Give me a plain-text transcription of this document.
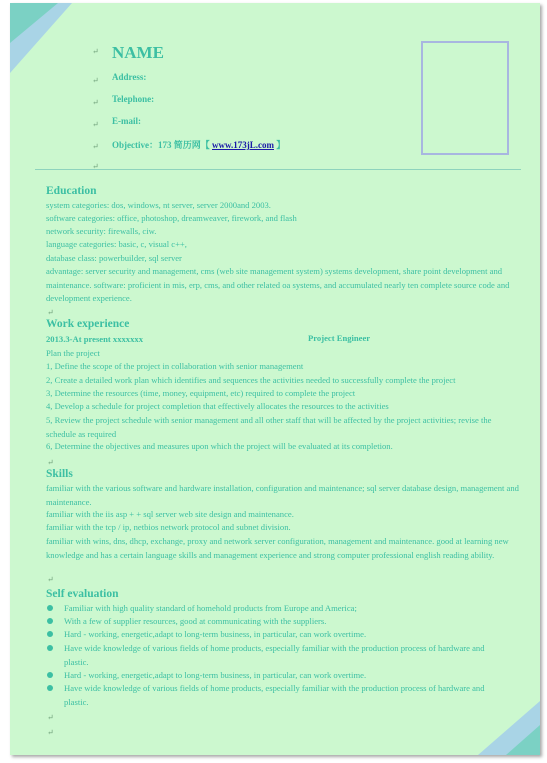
NAME
Address:
Telephone:
E-mail:
Objective：173 简历网【 www.173jL.com 】
Education
system categories: dos, windows, nt server, server 2000and 2003.
software categories: office, photoshop, dreamweaver, firework, and flash
network security: firewalls, ciw.
language categories: basic, c, visual c++,
database class: powerbuilder, sql server
advantage: server security and management, cms (web site management system) systems development, share point development and maintenance. software: proficient in mis, erp, cms, and other related oa systems, and accumulated nearly ten complete source code and development experience.
Work experience
2013.3-At present xxxxxxx	Project Engineer
Plan the project
1, Define the scope of the project in collaboration with senior management
2, Create a detailed work plan which identifies and sequences the activities needed to successfully complete the project
3, Determine the resources (time, money, equipment, etc) required to complete the project
4, Develop a schedule for project completion that effectively allocates the resources to the activities
5, Review the project schedule with senior management and all other staff that will be affected by the project activities; revise the schedule as required
6, Determine the objectives and measures upon which the project will be evaluated at its completion.
Skills
familiar with the various software and hardware installation, configuration and maintenance; sql server database design, management and maintenance.
familiar with the iis asp + + sql server web site design and maintenance.
familiar with the tcp / ip, netbios network protocol and subnet division.
familiar with wins, dns, dhcp, exchange, proxy and network server configuration, management and maintenance. good at learning new knowledge and has a certain language skills and management experience and strong computer professional english reading ability.
Self evaluation
Familiar with high quality standard of homehold products from Europe and America;
With a few of supplier resources, good at communicating with the suppliers.
Hard - working, energetic,adapt to long-term business, in particular, can work overtime.
Have wide knowledge of various fields of home products, especially familiar with the production process of hardware and plastic.
Hard - working, energetic,adapt to long-term business, in particular, can work overtime.
Have wide knowledge of various fields of home products, especially familiar with the production process of hardware and plastic.
↵
↵
↵
↵
↵
↵
↵
↵
↵
↵
↵
